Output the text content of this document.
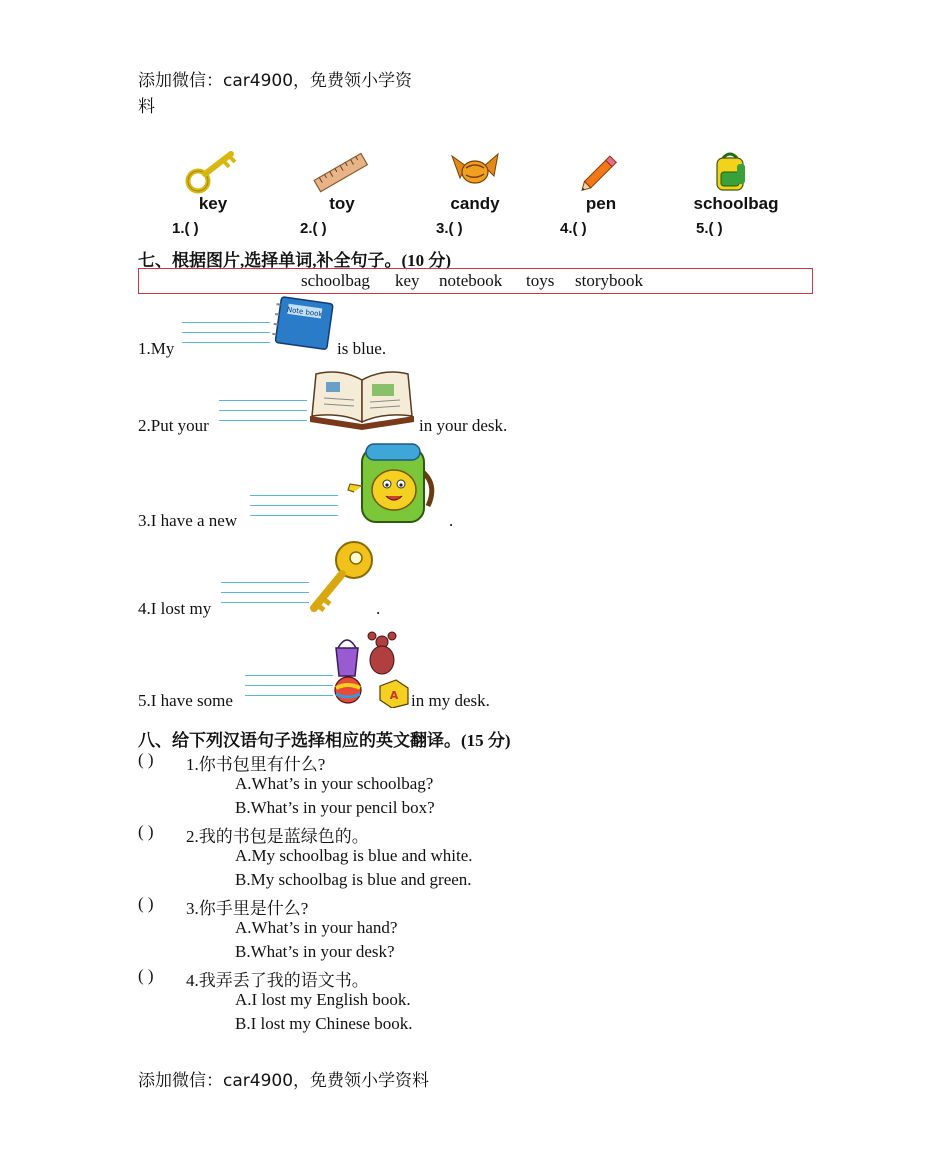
添加微信：car4900，免费领小学资
料
key
1.( )
toy
2.( )
candy
3.( )
pen
4.( )
schoolbag
5.( )
七、根据图片,选择单词,补全句子。(10 分)
schoolbag key notebook toys storybook
1.My
Note book
is blue.
2.Put your	in your desk.
3.I have a new	.
4.I lost my	.
5.I have some	A in my desk.
八、给下列汉语句子选择相应的英文翻译。(15 分)
( ) 1.你书包里有什么?
A.What’s in your schoolbag?
B.What’s in your pencil box?
( ) 2.我的书包是蓝绿色的。
A.My schoolbag is blue and white.
B.My schoolbag is blue and green.
( ) 3.你手里是什么?
A.What’s in your hand?
B.What’s in your desk?
( ) 4.我弄丢了我的语文书。
A.I lost my English book.
B.I lost my Chinese book.
添加微信：car4900，免费领小学资料
